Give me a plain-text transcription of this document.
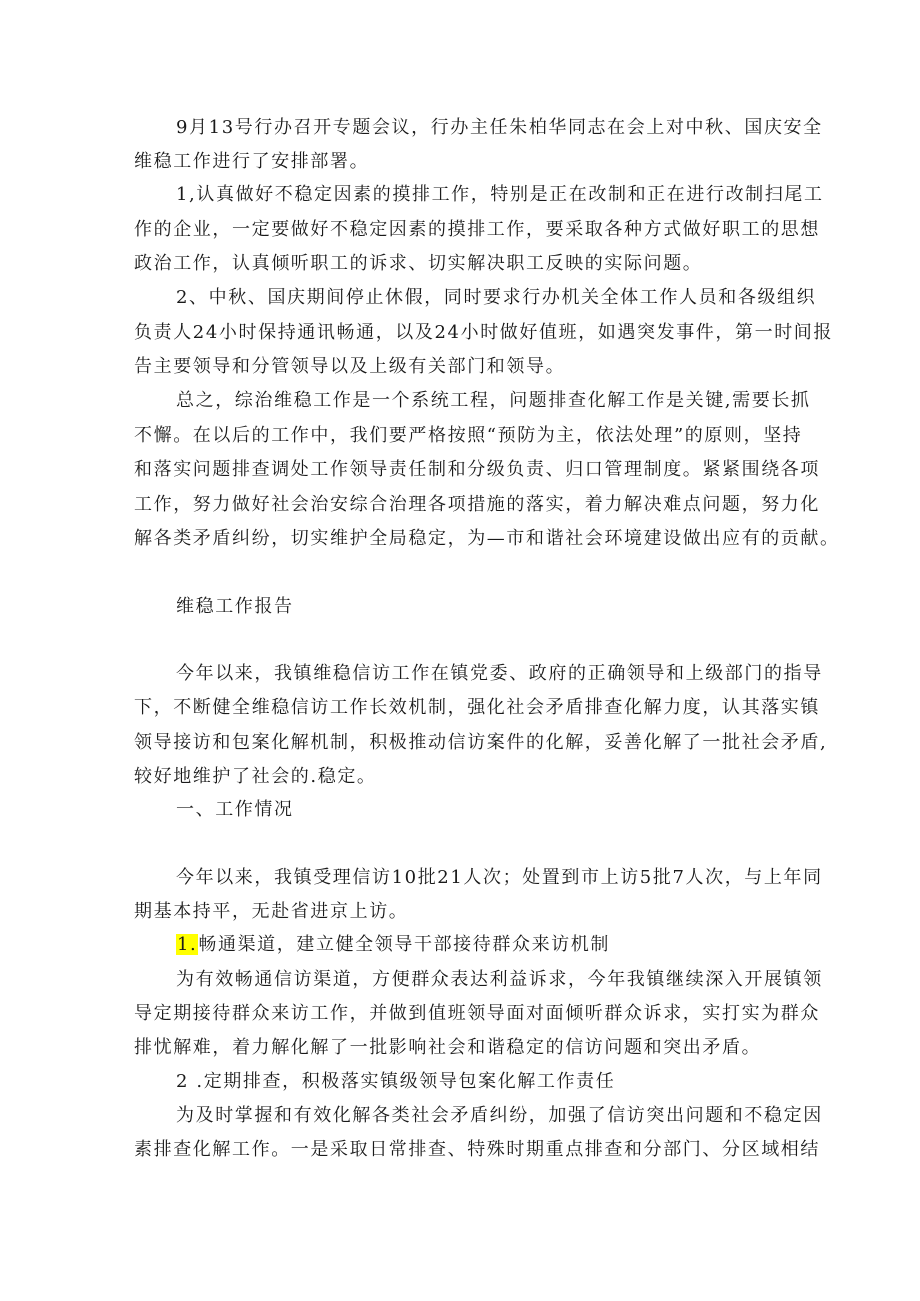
9月13号行办召开专题会议，行办主任朱柏华同志在会上对中秋、国庆安全
维稳工作进行了安排部署。
1,认真做好不稳定因素的摸排工作，特别是正在改制和正在进行改制扫尾工
作的企业，一定要做好不稳定因素的摸排工作，要采取各种方式做好职工的思想
政治工作，认真倾听职工的诉求、切实解决职工反映的实际问题。
2、中秋、国庆期间停止休假，同时要求行办机关全体工作人员和各级组织
负责人24小时保持通讯畅通，以及24小时做好值班，如遇突发事件，第一时间报
告主要领导和分管领导以及上级有关部门和领导。
总之，综治维稳工作是一个系统工程，问题排查化解工作是关键,需要长抓
不懈。在以后的工作中，我们要严格按照“预防为主，依法处理”的原则，坚持
和落实问题排查调处工作领导责任制和分级负责、归口管理制度。紧紧围绕各项
工作，努力做好社会治安综合治理各项措施的落实，着力解决难点问题，努力化
解各类矛盾纠纷，切实维护全局稳定，为—市和谐社会环境建设做出应有的贡献。
维稳工作报告
今年以来，我镇维稳信访工作在镇党委、政府的正确领导和上级部门的指导
下，不断健全维稳信访工作长效机制，强化社会矛盾排查化解力度，认其落实镇
领导接访和包案化解机制，积极推动信访案件的化解，妥善化解了一批社会矛盾,
较好地维护了社会的.稳定。
一、工作情况
今年以来，我镇受理信访10批21人次；处置到市上访5批7人次，与上年同
期基本持平，无赴省进京上访。
1.畅通渠道，建立健全领导干部接待群众来访机制
为有效畅通信访渠道，方便群众表达利益诉求，今年我镇继续深入开展镇领
导定期接待群众来访工作，并做到值班领导面对面倾听群众诉求，实打实为群众
排忧解难，着力解化解了一批影响社会和谐稳定的信访问题和突出矛盾。
2 .定期排查，积极落实镇级领导包案化解工作责任
为及时掌握和有效化解各类社会矛盾纠纷，加强了信访突出问题和不稳定因
素排查化解工作。一是采取日常排查、特殊时期重点排查和分部门、分区域相结
